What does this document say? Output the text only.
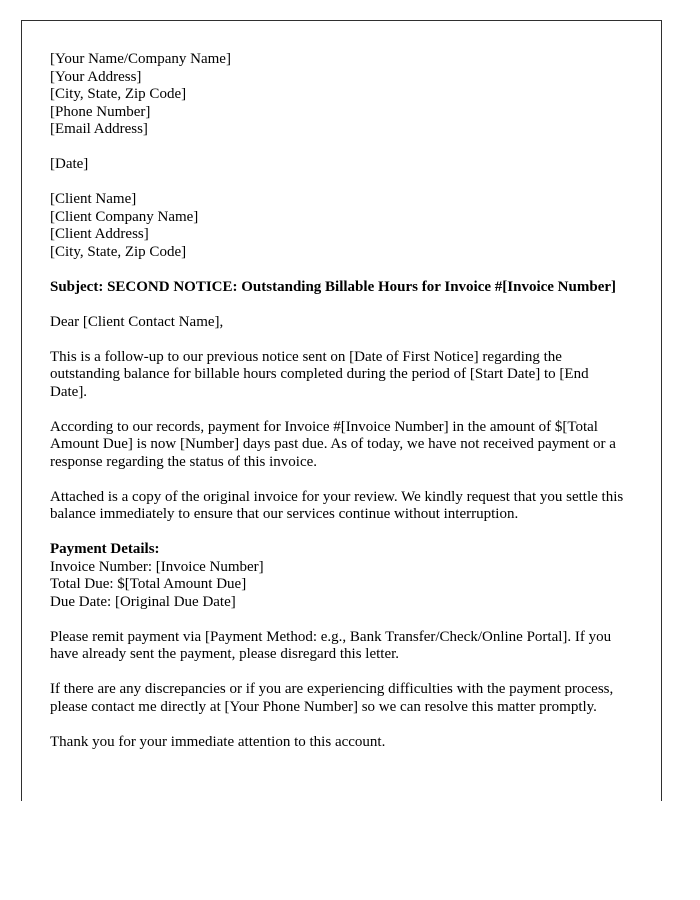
[Your Name/Company Name]
[Your Address]
[City, State, Zip Code]
[Phone Number]
[Email Address]

[Date]

[Client Name]
[Client Company Name]
[Client Address]
[City, State, Zip Code]

Subject: SECOND NOTICE: Outstanding Billable Hours for Invoice #[Invoice Number]

Dear [Client Contact Name],

This is a follow-up to our previous notice sent on [Date of First Notice] regarding the outstanding balance for billable hours completed during the period of [Start Date] to [End Date].

According to our records, payment for Invoice #[Invoice Number] in the amount of $[Total Amount Due] is now [Number] days past due. As of today, we have not received payment or a response regarding the status of this invoice.

Attached is a copy of the original invoice for your review. We kindly request that you settle this balance immediately to ensure that our services continue without interruption.

Payment Details:
Invoice Number: [Invoice Number]
Total Due: $[Total Amount Due]
Due Date: [Original Due Date]

Please remit payment via [Payment Method: e.g., Bank Transfer/Check/Online Portal]. If you have already sent the payment, please disregard this letter.

If there are any discrepancies or if you are experiencing difficulties with the payment process, please contact me directly at [Your Phone Number] so we can resolve this matter promptly.

Thank you for your immediate attention to this account.
